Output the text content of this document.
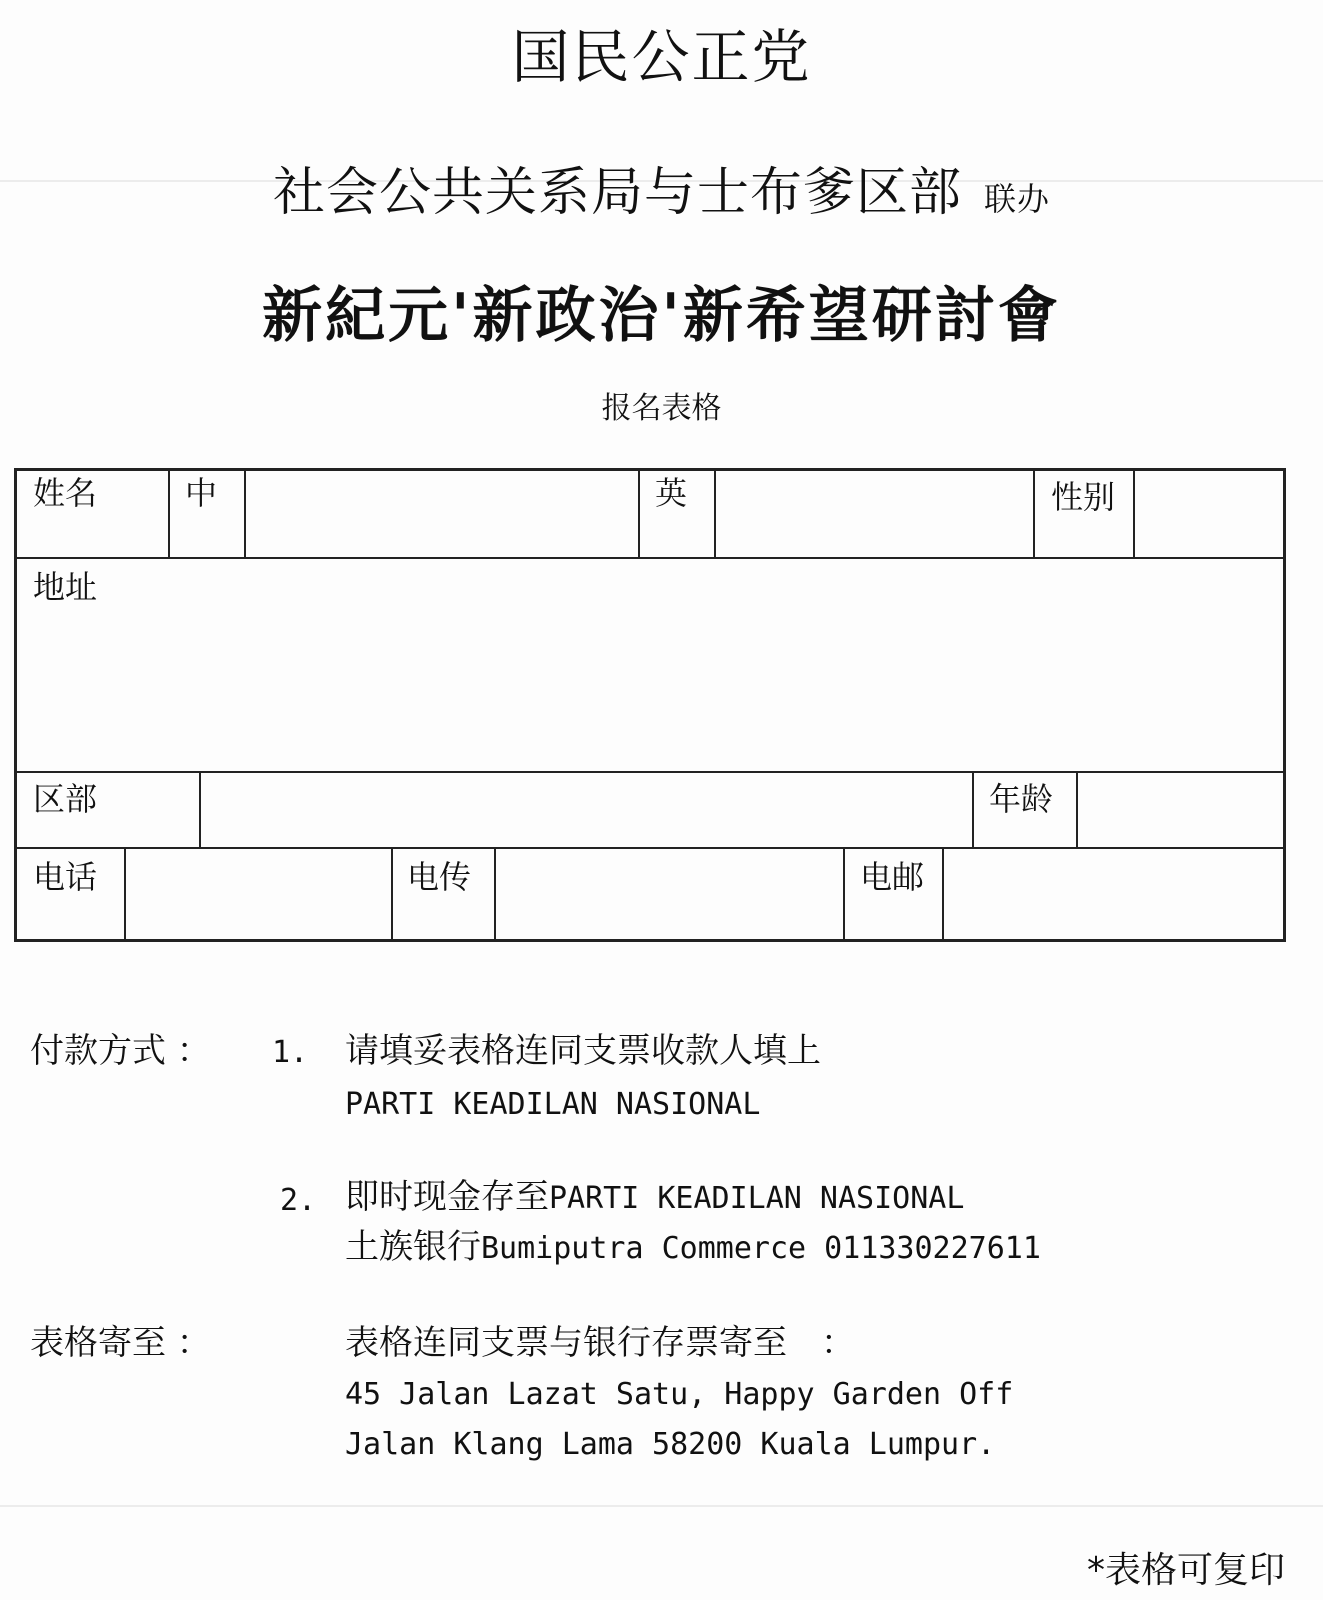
国民公正党
社会公共关系局与士布爹区部 联办
新紀元'新政治'新希望研討會
报名表格
姓名	中	英	性别
地址
区部	年龄
电话	电传	电邮
付款方式 ： 1. 请填妥表格连同支票收款人填上
PARTI KEADILAN NASIONAL
2. 即时现金存至PARTI KEADILAN NASIONAL
土族银行Bumiputra Commerce 011330227611
表格寄至 ：	表格连同支票与银行存票寄至　：
45 Jalan Lazat Satu, Happy Garden Off
Jalan Klang Lama 58200 Kuala Lumpur.
*表格可复印
